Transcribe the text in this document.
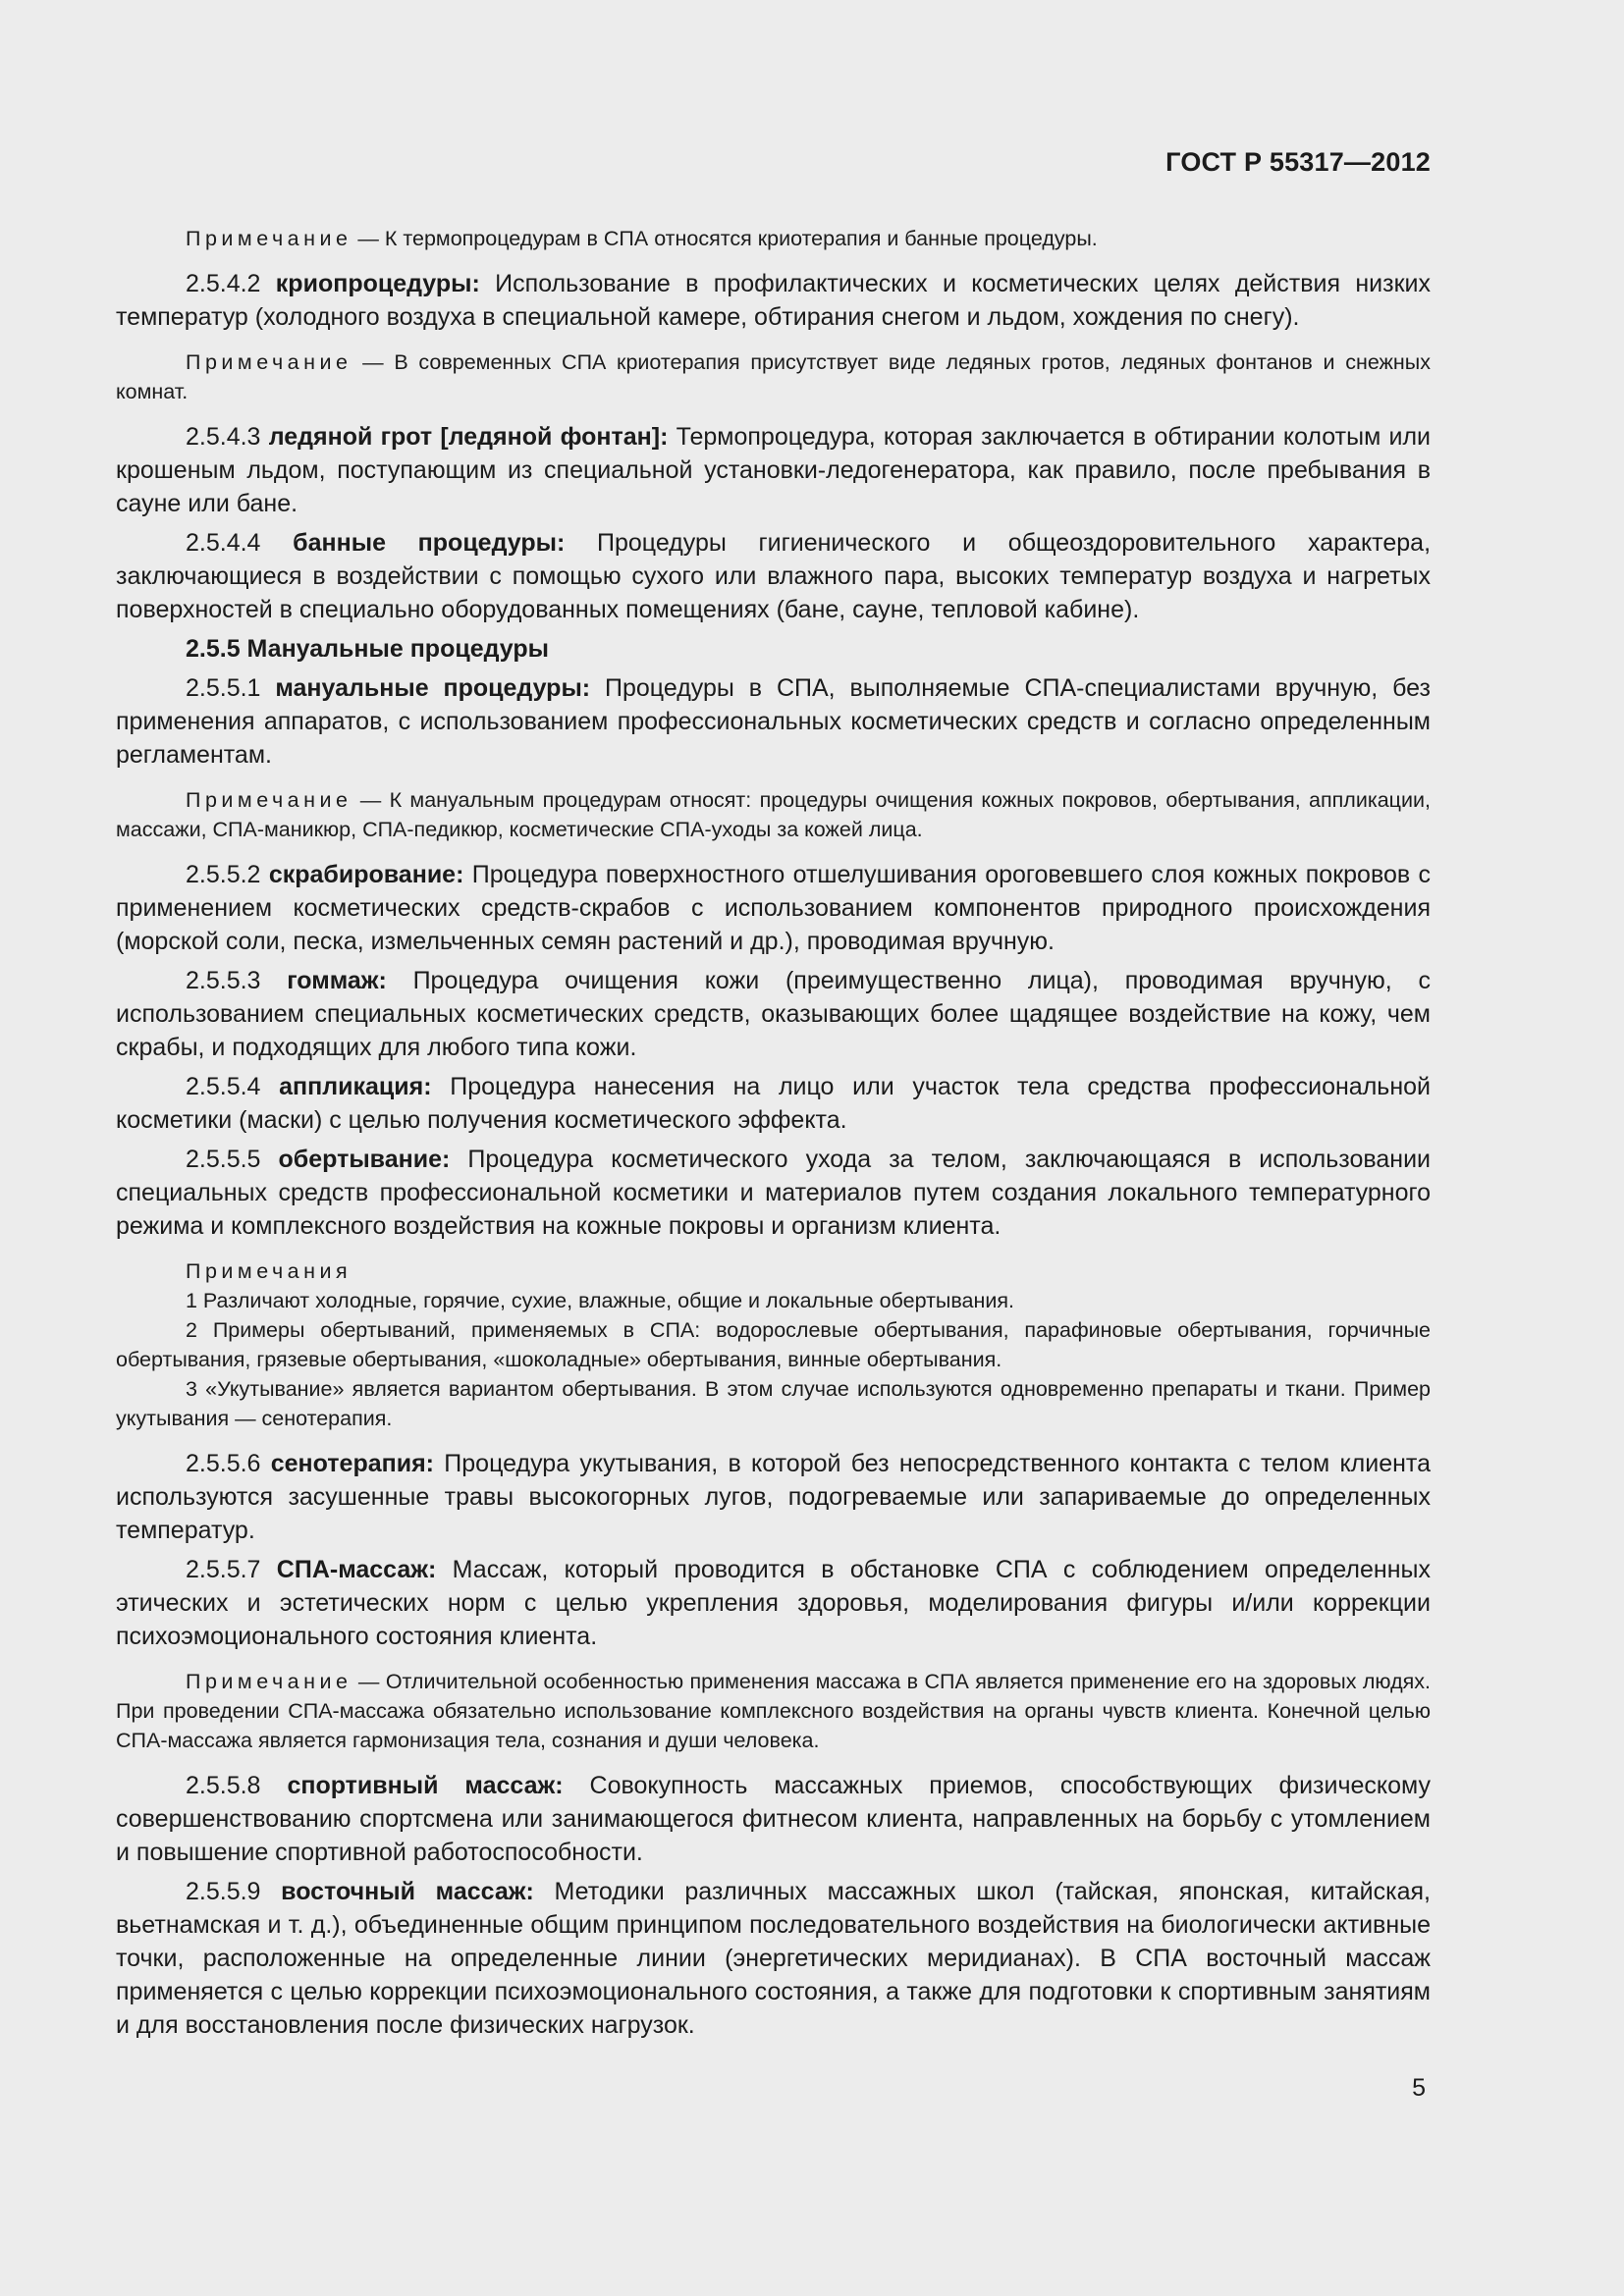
ГОСТ Р 55317—2012

Примечание — К термопроцедурам в СПА относятся криотерапия и банные процедуры.

2.5.4.2 криопроцедуры: Использование в профилактических и косметических целях действия низких температур (холодного воздуха в специальной камере, обтирания снегом и льдом, хождения по снегу).

Примечание — В современных СПА криотерапия присутствует виде ледяных гротов, ледяных фонтанов и снежных комнат.

2.5.4.3 ледяной грот [ледяной фонтан]: Термопроцедура, которая заключается в обтирании колотым или крошеным льдом, поступающим из специальной установки-ледогенератора, как правило, после пребывания в сауне или бане.

2.5.4.4 банные процедуры: Процедуры гигиенического и общеоздоровительного характера, заключающиеся в воздействии с помощью сухого или влажного пара, высоких температур воздуха и нагретых поверхностей в специально оборудованных помещениях (бане, сауне, тепловой кабине).

2.5.5 Мануальные процедуры

2.5.5.1 мануальные процедуры: Процедуры в СПА, выполняемые СПА-специалистами вручную, без применения аппаратов, с использованием профессиональных косметических средств и согласно определенным регламентам.

Примечание — К мануальным процедурам относят: процедуры очищения кожных покровов, обертывания, аппликации, массажи, СПА-маникюр, СПА-педикюр, косметические СПА-уходы за кожей лица.

2.5.5.2 скрабирование: Процедура поверхностного отшелушивания ороговевшего слоя кожных покровов с применением косметических средств-скрабов с использованием компонентов природного происхождения (морской соли, песка, измельченных семян растений и др.), проводимая вручную.

2.5.5.3 гоммаж: Процедура очищения кожи (преимущественно лица), проводимая вручную, с использованием специальных косметических средств, оказывающих более щадящее воздействие на кожу, чем скрабы, и подходящих для любого типа кожи.

2.5.5.4 аппликация: Процедура нанесения на лицо или участок тела средства профессиональной косметики (маски) с целью получения косметического эффекта.

2.5.5.5 обертывание: Процедура косметического ухода за телом, заключающаяся в использовании специальных средств профессиональной косметики и материалов путем создания локального температурного режима и комплексного воздействия на кожные покровы и организм клиента.

Примечания

1 Различают холодные, горячие, сухие, влажные, общие и локальные обертывания.

2 Примеры обертываний, применяемых в СПА: водорослевые обертывания, парафиновые обертывания, горчичные обертывания, грязевые обертывания, «шоколадные» обертывания, винные обертывания.

3 «Укутывание» является вариантом обертывания. В этом случае используются одновременно препараты и ткани. Пример укутывания — сенотерапия.

2.5.5.6 сенотерапия: Процедура укутывания, в которой без непосредственного контакта с телом клиента используются засушенные травы высокогорных лугов, подогреваемые или запариваемые до определенных температур.

2.5.5.7 СПА-массаж: Массаж, который проводится в обстановке СПА с соблюдением определенных этических и эстетических норм с целью укрепления здоровья, моделирования фигуры и/или коррекции психоэмоционального состояния клиента.

Примечание — Отличительной особенностью применения массажа в СПА является применение его на здоровых людях. При проведении СПА-массажа обязательно использование комплексного воздействия на органы чувств клиента. Конечной целью СПА-массажа является гармонизация тела, сознания и души человека.

2.5.5.8 спортивный массаж: Совокупность массажных приемов, способствующих физическому совершенствованию спортсмена или занимающегося фитнесом клиента, направленных на борьбу с утомлением и повышение спортивной работоспособности.

2.5.5.9 восточный массаж: Методики различных массажных школ (тайская, японская, китайская, вьетнамская и т. д.), объединенные общим принципом последовательного воздействия на биологически активные точки, расположенные на определенные линии (энергетических меридианах). В СПА восточный массаж применяется с целью коррекции психоэмоционального состояния, а также для подготовки к спортивным занятиям и для восстановления после физических нагрузок.

5
